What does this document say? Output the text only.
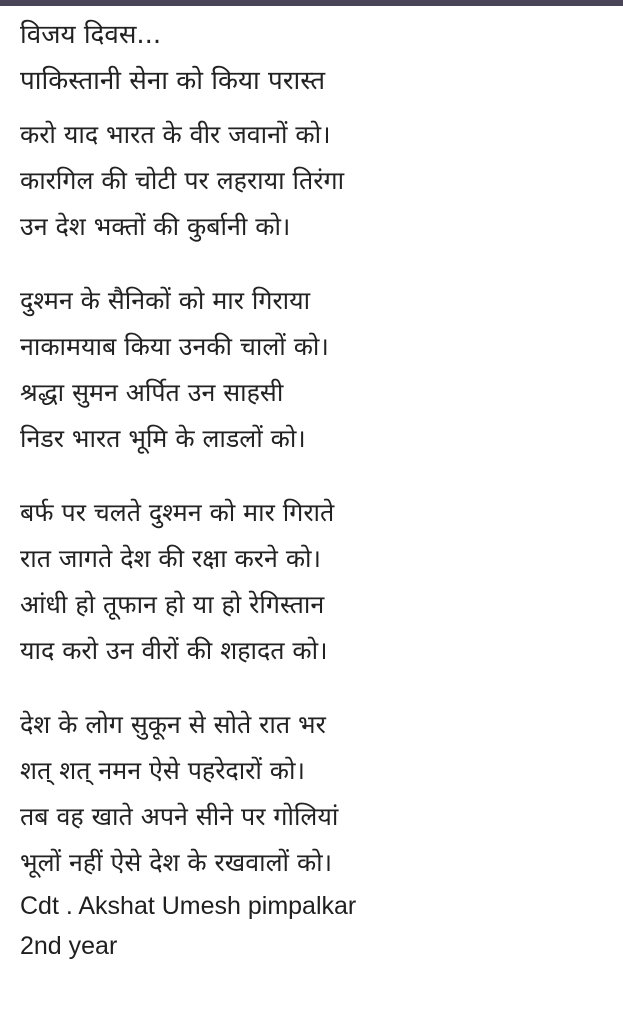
विजय दिवस...
पाकिस्तानी सेना को किया परास्त
करो याद भारत के वीर जवानों को।
कारगिल की चोटी पर लहराया तिरंगा
उन देश भक्तों की कुर्बानी को।
दुश्मन के सैनिकों को मार गिराया
नाकामयाब किया उनकी चालों को।
श्रद्धा सुमन अर्पित उन साहसी
निडर भारत भूमि के लाडलों को।
बर्फ पर चलते दुश्मन को मार गिराते
रात जागते देश की रक्षा करने को।
आंधी हो तूफान हो या हो रेगिस्तान
याद करो उन वीरों की शहादत को।
देश के लोग सुकून से सोते रात भर
शत् शत् नमन ऐसे पहरेदारों को।
तब वह खाते अपने सीने पर गोलियां
भूलों नहीं ऐसे देश के रखवालों को।
Cdt . Akshat Umesh pimpalkar
2nd year
